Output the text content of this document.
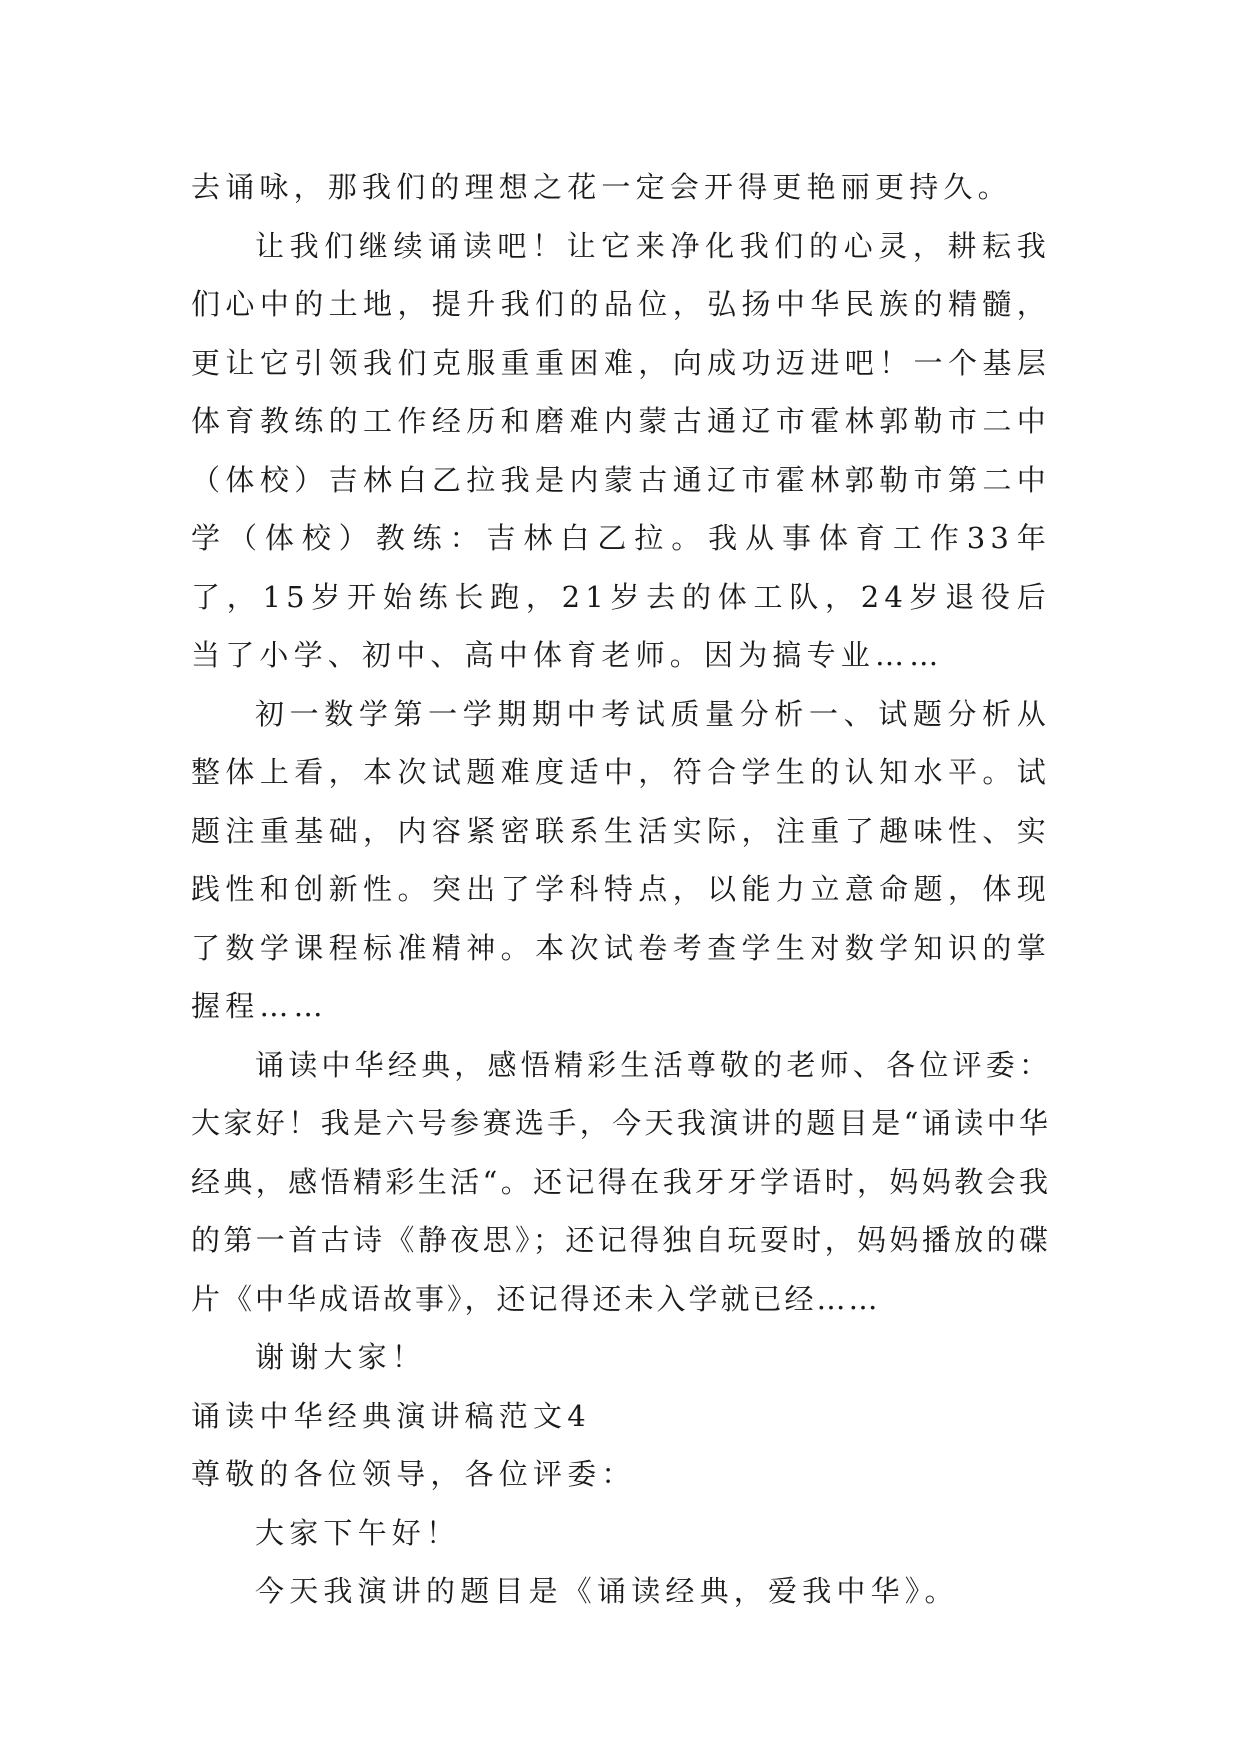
去诵咏，那我们的理想之花一定会开得更艳丽更持久。

让我们继续诵读吧！让它来净化我们的心灵，耕耘我们心中的土地，提升我们的品位，弘扬中华民族的精髓，更让它引领我们克服重重困难，向成功迈进吧！一个基层体育教练的工作经历和磨难内蒙古通辽市霍林郭勒市二中（体校）吉林白乙拉我是内蒙古通辽市霍林郭勒市第二中学（体校）教练：吉林白乙拉。我从事体育工作33年了，15岁开始练长跑，21岁去的体工队，24岁退役后当了小学、初中、高中体育老师。因为搞专业……

初一数学第一学期期中考试质量分析一、试题分析从整体上看，本次试题难度适中，符合学生的认知水平。试题注重基础，内容紧密联系生活实际，注重了趣味性、实践性和创新性。突出了学科特点，以能力立意命题，体现了数学课程标准精神。本次试卷考查学生对数学知识的掌握程……

诵读中华经典，感悟精彩生活尊敬的老师、各位评委：大家好！我是六号参赛选手，今天我演讲的题目是“诵读中华经典，感悟精彩生活“。还记得在我牙牙学语时，妈妈教会我的第一首古诗《静夜思》；还记得独自玩耍时，妈妈播放的碟片《中华成语故事》，还记得还未入学就已经……

谢谢大家！

诵读中华经典演讲稿范文4

尊敬的各位领导，各位评委：

大家下午好！

今天我演讲的题目是《诵读经典，爱我中华》。
